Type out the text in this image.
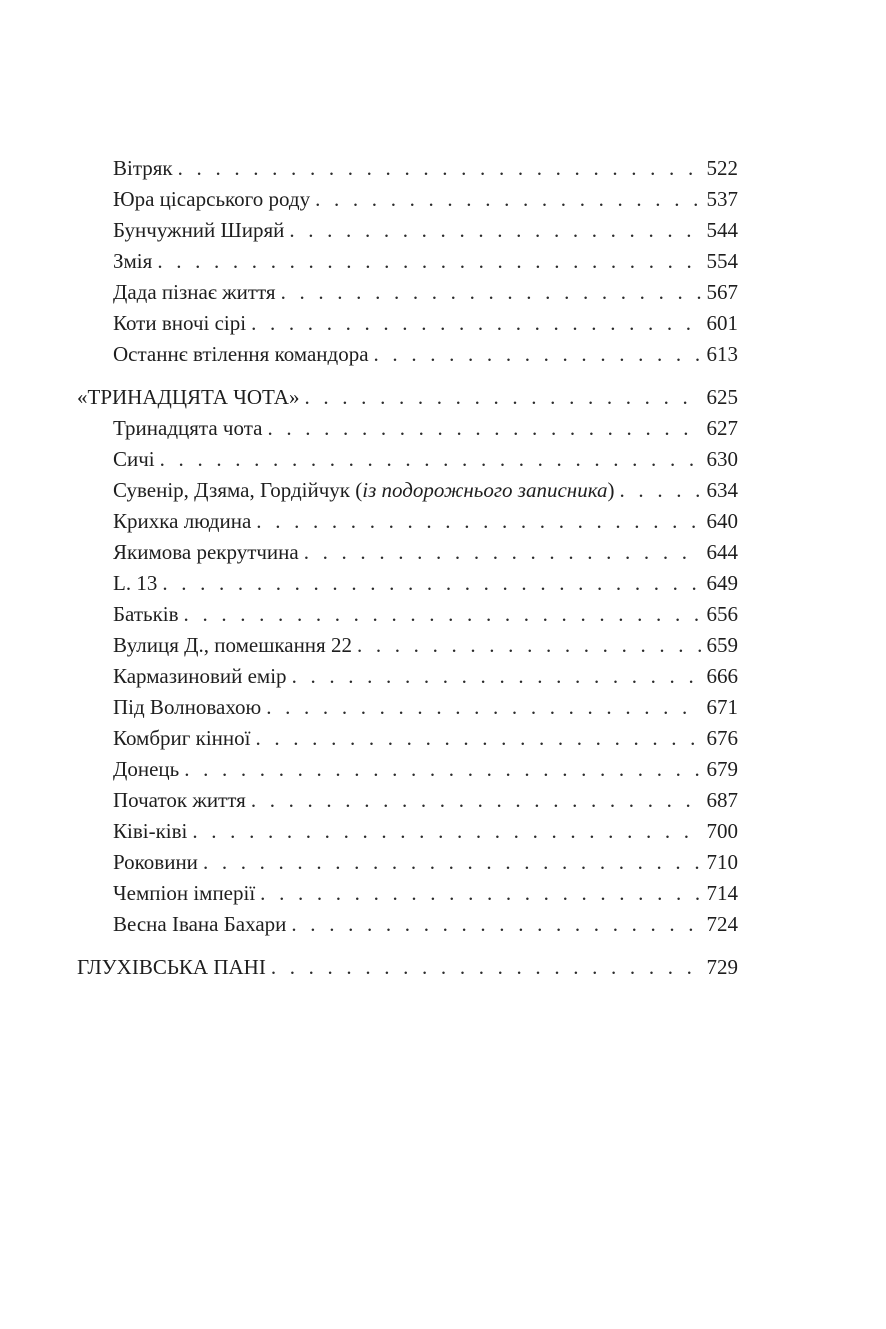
Вітряк . . .	522
Юра цісарського роду . . .	537
Бунчужний Ширяй . . .	544
Змія . . .	554
Дада пізнає життя . . .	567
Коти вночі сірі . . .	601
Останнє втілення командора . . .	613
«ТРИНАДЦЯТА ЧОТА» . . .	625
Тринадцята чота . . .	627
Сичі . . .	630
Сувенір, Дзяма, Гордійчук (із подорожнього записника) . . .	634
Крихка людина . . .	640
Якимова рекрутчина . . .	644
L. 13 . . .	649
Батьків . . .	656
Вулиця Д., помешкання 22 . . .	659
Кармазиновий емір . . .	666
Під Волновахою . . .	671
Комбриг кінної . . .	676
Донець . . .	679
Початок життя . . .	687
Ківі-ківі . . .	700
Роковини . . .	710
Чемпіон імперії . . .	714
Весна Івана Бахари . . .	724
ГЛУХІВСЬКА ПАНІ . . .	729
